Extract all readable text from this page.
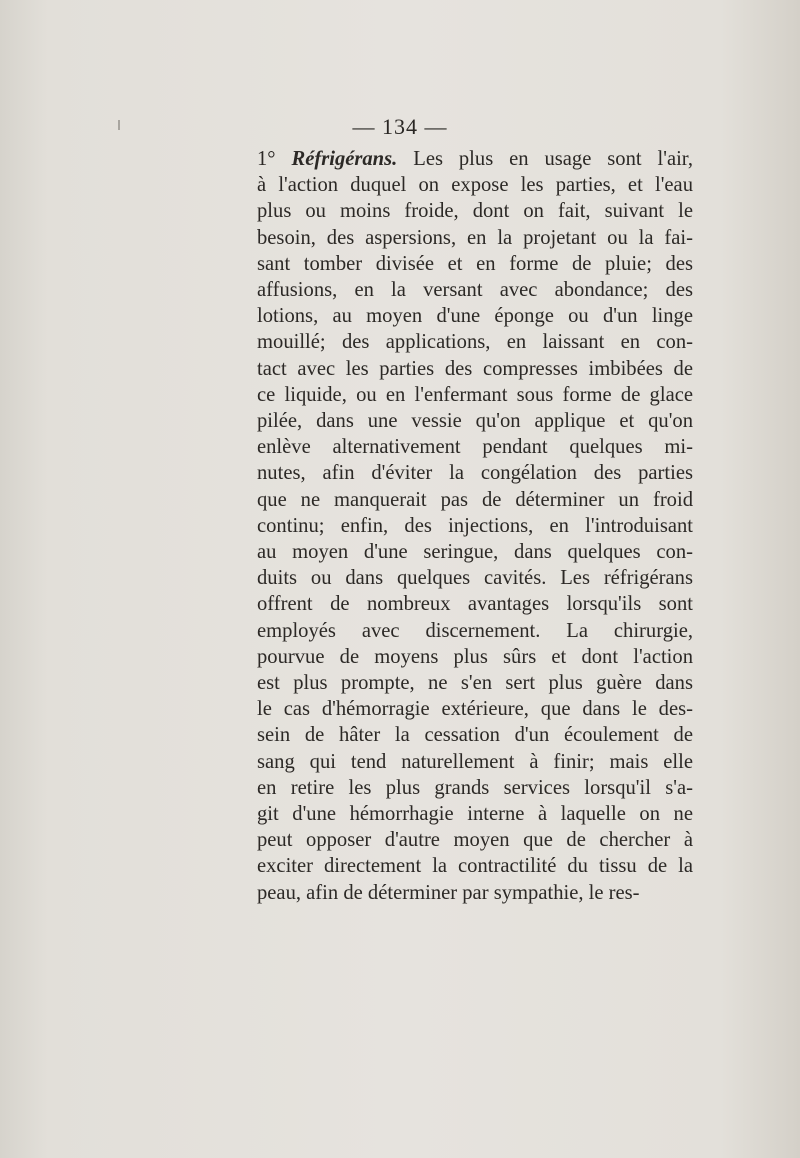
— 134 —
1° Réfrigérans. Les plus en usage sont l'air,
à l'action duquel on expose les parties, et l'eau
plus ou moins froide, dont on fait, suivant le
besoin, des aspersions, en la projetant ou la fai-
sant tomber divisée et en forme de pluie; des
affusions, en la versant avec abondance; des
lotions, au moyen d'une éponge ou d'un linge
mouillé; des applications, en laissant en con-
tact avec les parties des compresses imbibées de
ce liquide, ou en l'enfermant sous forme de glace
pilée, dans une vessie qu'on applique et qu'on
enlève alternativement pendant quelques mi-
nutes, afin d'éviter la congélation des parties
que ne manquerait pas de déterminer un froid
continu; enfin, des injections, en l'introduisant
au moyen d'une seringue, dans quelques con-
duits ou dans quelques cavités. Les réfrigérans
offrent de nombreux avantages lorsqu'ils sont
employés avec discernement. La chirurgie,
pourvue de moyens plus sûrs et dont l'action
est plus prompte, ne s'en sert plus guère dans
le cas d'hémorragie extérieure, que dans le des-
sein de hâter la cessation d'un écoulement de
sang qui tend naturellement à finir; mais elle
en retire les plus grands services lorsqu'il s'a-
git d'une hémorrhagie interne à laquelle on ne
peut opposer d'autre moyen que de chercher à
exciter directement la contractilité du tissu de la
peau, afin de déterminer par sympathie, le res-
